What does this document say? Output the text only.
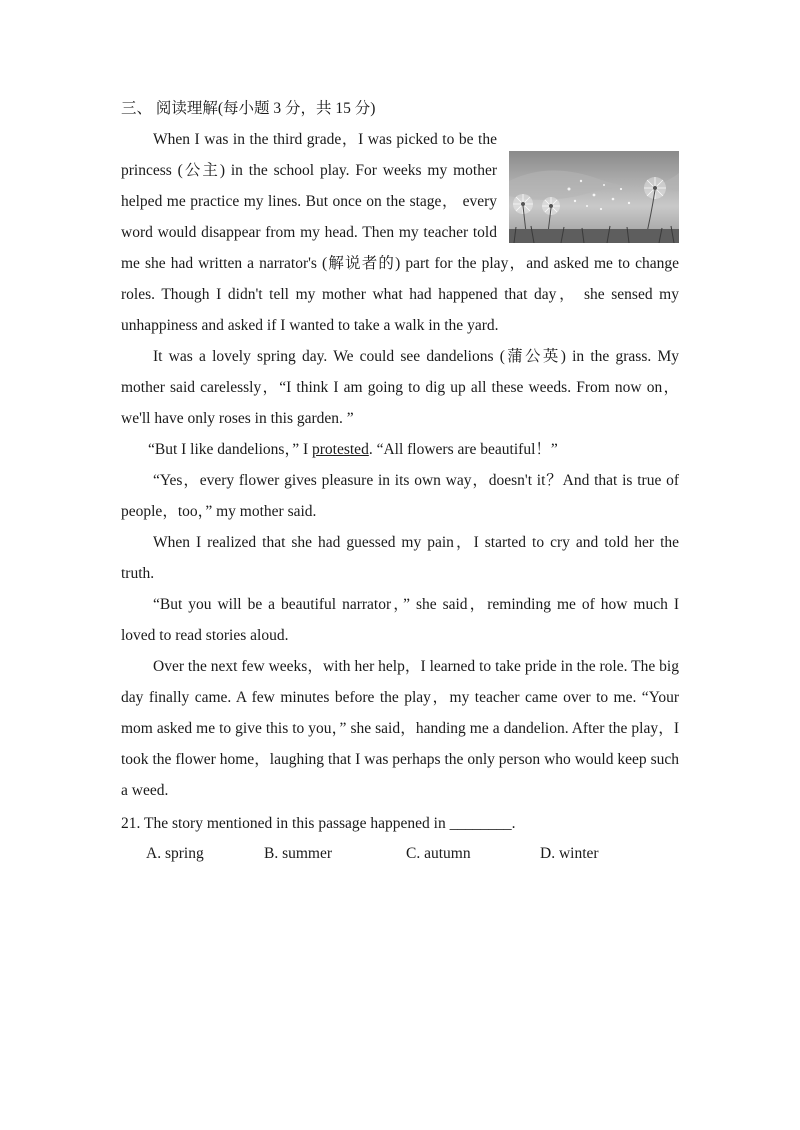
三、 阅读理解(每小题 3 分，共 15 分)

When I was in the third grade，I was picked to be the princess (公主) in the school play. For weeks my mother helped me practice my lines. But once on the stage， every word would disappear from my head. Then my teacher told me she had written a narrator's (解说者的) part for the play，and asked me to change roles. Though I didn't tell my mother what had happened that day， she sensed my unhappiness and asked if I wanted to take a walk in the yard.

It was a lovely spring day. We could see dandelions (蒲公英) in the grass. My mother said carelessly，“I think I am going to dig up all these weeds. From now on，we'll have only roses in this garden. ”

“But I like dandelions，” I protested. “All flowers are beautiful！”

“Yes，every flower gives pleasure in its own way，doesn't it？And that is true of people，too，” my mother said.

When I realized that she had guessed my pain，I started to cry and told her the truth.

“But you will be a beautiful narrator，” she said，reminding me of how much I loved to read stories aloud.

Over the next few weeks，with her help，I learned to take pride in the role. The big day finally came. A few minutes before the play，my teacher came over to me. “Your mom asked me to give this to you，” she said，handing me a dandelion. After the play，I took the flower home，laughing that I was perhaps the only person who would keep such a weed.

21. The story mentioned in this passage happened in ________.

A. spring	B. summer	C. autumn	D. winter
